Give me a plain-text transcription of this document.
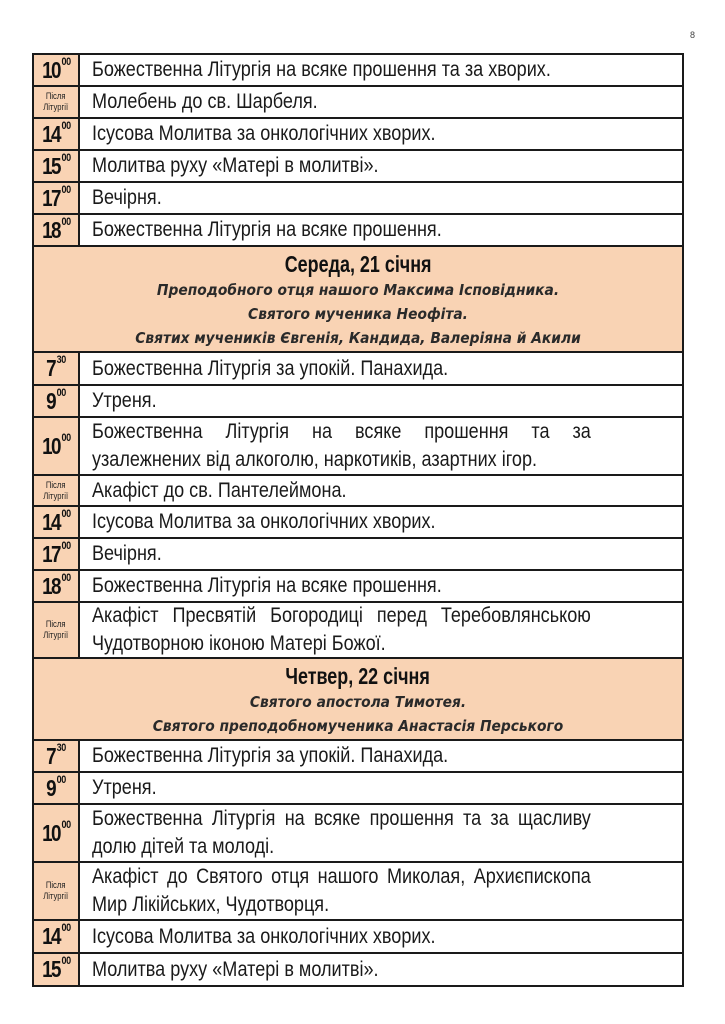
8
10 $^{00}$ Божественна Літургія на всяке прошення та за хворих.
Після
Літургії Молебень до св. Шарбеля.
14 $^{00}$ Ісусова Молитва за онкологічних хворих.
15 $^{00}$ Молитва руху «Матері в молитві».
17 $^{00}$ Вечірня.
18 $^{00}$ Божественна Літургія на всяке прошення.
Середа, 21 січня
Преподобного отця нашого Максима Ісповідника.
Святого мученика Неофіта.
Святих мучеників Євгенія, Кандида, Валеріяна й Акили
7 $^{30}$ Божественна Літургія за упокій. Панахида.
9 $^{00}$ Утреня.
10 $^{00}$ Божественна Літургія на всяке прошення та за узалежнених від алкоголю, наркотиків, азартних ігор.
Після
Літургії Акафіст до св. Пантелеймона.
14 $^{00}$ Ісусова Молитва за онкологічних хворих.
17 $^{00}$ Вечірня.
18 $^{00}$ Божественна Літургія на всяке прошення.
Після
Літургії
Акафіст Пресвятій Богородиці перед Теребовлянською Чудотворною іконою Матері Божої.
Четвер, 22 січня
Святого апостола Тимотея.
Святого преподобномученика Анастасія Перського
7 $^{30}$ Божественна Літургія за упокій. Панахида.
9 $^{00}$ Утреня.
10 $^{00}$ Божественна Літургія на всяке прошення та за щасливу долю дітей та молоді.
Після
Літургії
Акафіст до Святого отця нашого Миколая, Архиєпископа Мир Лікійських, Чудотворця.
14 $^{00}$ Ісусова Молитва за онкологічних хворих.
15 $^{00}$ Молитва руху «Матері в молитві».
